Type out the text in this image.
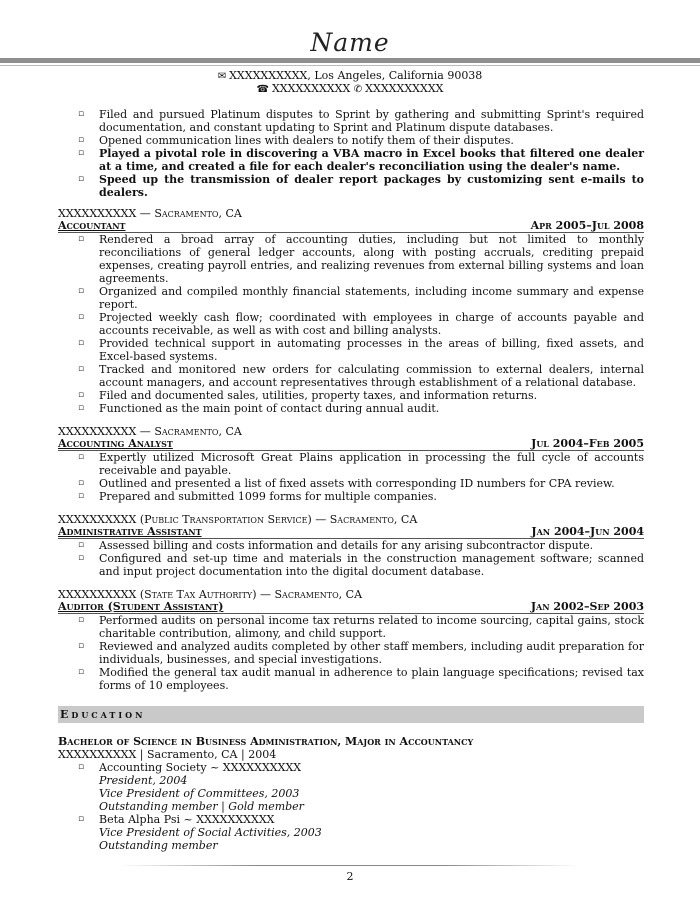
Name
✉ XXXXXXXXXX, Los Angeles, California 90038
☎ XXXXXXXXXX ✆ XXXXXXXXXX
▫ Filed and pursued Platinum disputes to Sprint by gathering and submitting Sprint's required documentation, and constant updating to Sprint and Platinum dispute databases.
▫ Opened communication lines with dealers to notify them of their disputes.
▫ Played a pivotal role in discovering a VBA macro in Excel books that filtered one dealer at a time, and created a file for each dealer's reconciliation using the dealer's name.
▫ Speed up the transmission of dealer report packages by customizing sent e-mails to dealers.
XXXXXXXXXX — Sacramento, CA
Accountant	Apr 2005–Jul 2008
▫ Rendered a broad array of accounting duties, including but not limited to monthly reconciliations of general ledger accounts, along with posting accruals, crediting prepaid expenses, creating payroll entries, and realizing revenues from external billing systems and loan agreements.
▫ Organized and compiled monthly financial statements, including income summary and expense report.
▫ Projected weekly cash flow; coordinated with employees in charge of accounts payable and accounts receivable, as well as with cost and billing analysts.
▫ Provided technical support in automating processes in the areas of billing, fixed assets, and Excel-based systems.
▫ Tracked and monitored new orders for calculating commission to external dealers, internal account managers, and account representatives through establishment of a relational database.
▫ Filed and documented sales, utilities, property taxes, and information returns.
▫ Functioned as the main point of contact during annual audit.
XXXXXXXXXX — Sacramento, CA
Accounting Analyst	Jul 2004–Feb 2005
▫ Expertly utilized Microsoft Great Plains application in processing the full cycle of accounts receivable and payable.
▫ Outlined and presented a list of fixed assets with corresponding ID numbers for CPA review.
▫ Prepared and submitted 1099 forms for multiple companies.
XXXXXXXXXX (Public Transportation Service) — Sacramento, CA
Administrative Assistant	Jan 2004–Jun 2004
▫ Assessed billing and costs information and details for any arising subcontractor dispute.
▫ Configured and set-up time and materials in the construction management software; scanned and input project documentation into the digital document database.
XXXXXXXXXX (State Tax Authority) — Sacramento, CA
Auditor (Student Assistant)	Jan 2002–Sep 2003
▫ Performed audits on personal income tax returns related to income sourcing, capital gains, stock charitable contribution, alimony, and child support.
▫ Reviewed and analyzed audits completed by other staff members, including audit preparation for individuals, businesses, and special investigations.
▫ Modified the general tax audit manual in adherence to plain language specifications; revised tax forms of 10 employees.
Education
Bachelor of Science in Business Administration, Major in Accountancy
XXXXXXXXXX | Sacramento, CA | 2004
▫ Accounting Society ~ XXXXXXXXXX
President, 2004
Vice President of Committees, 2003
Outstanding member | Gold member
▫ Beta Alpha Psi ~ XXXXXXXXXX
Vice President of Social Activities, 2003
Outstanding member
2
